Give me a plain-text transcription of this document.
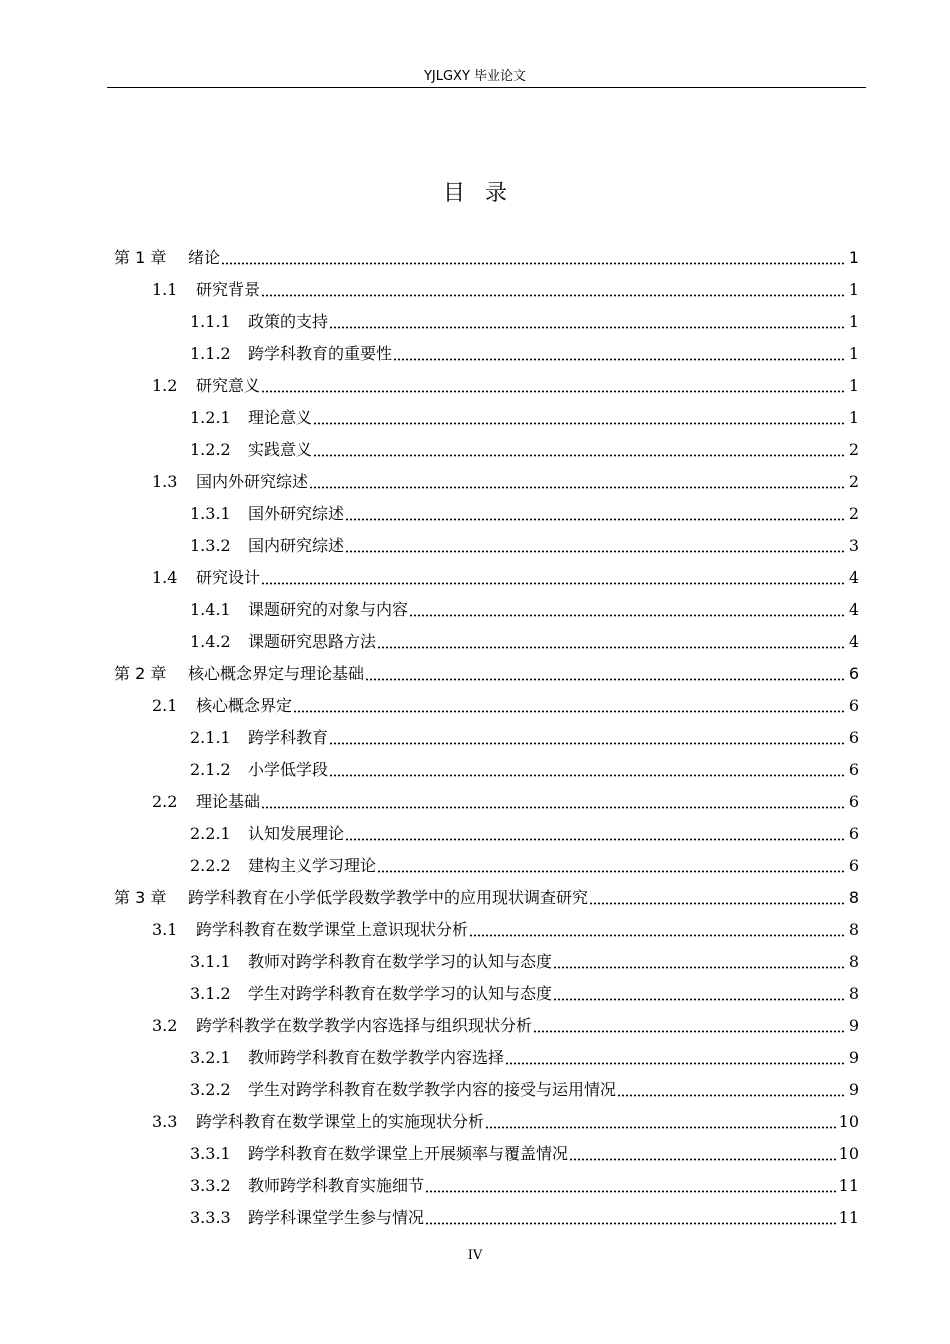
YJLGXY 毕业论文
目录
第 1 章	绪论	1
1.1	研究背景	1
1.1.1	政策的支持	1
1.1.2	跨学科教育的重要性	1
1.2	研究意义	1
1.2.1	理论意义	1
1.2.2	实践意义	2
1.3	国内外研究综述	2
1.3.1	国外研究综述	2
1.3.2	国内研究综述	3
1.4	研究设计	4
1.4.1	课题研究的对象与内容	4
1.4.2	课题研究思路方法	4
第 2 章	核心概念界定与理论基础	6
2.1	核心概念界定	6
2.1.1	跨学科教育	6
2.1.2	小学低学段	6
2.2	理论基础	6
2.2.1	认知发展理论	6
2.2.2	建构主义学习理论	6
第 3 章	跨学科教育在小学低学段数学教学中的应用现状调查研究	8
3.1	跨学科教育在数学课堂上意识现状分析	8
3.1.1	教师对跨学科教育在数学学习的认知与态度	8
3.1.2	学生对跨学科教育在数学学习的认知与态度	8
3.2	跨学科教学在数学教学内容选择与组织现状分析	9
3.2.1	教师跨学科教育在数学教学内容选择	9
3.2.2	学生对跨学科教育在数学教学内容的接受与运用情况	9
3.3	跨学科教育在数学课堂上的实施现状分析	10
3.3.1	跨学科教育在数学课堂上开展频率与覆盖情况	10
3.3.2	教师跨学科教育实施细节	11
3.3.3	跨学科课堂学生参与情况	11
IV
